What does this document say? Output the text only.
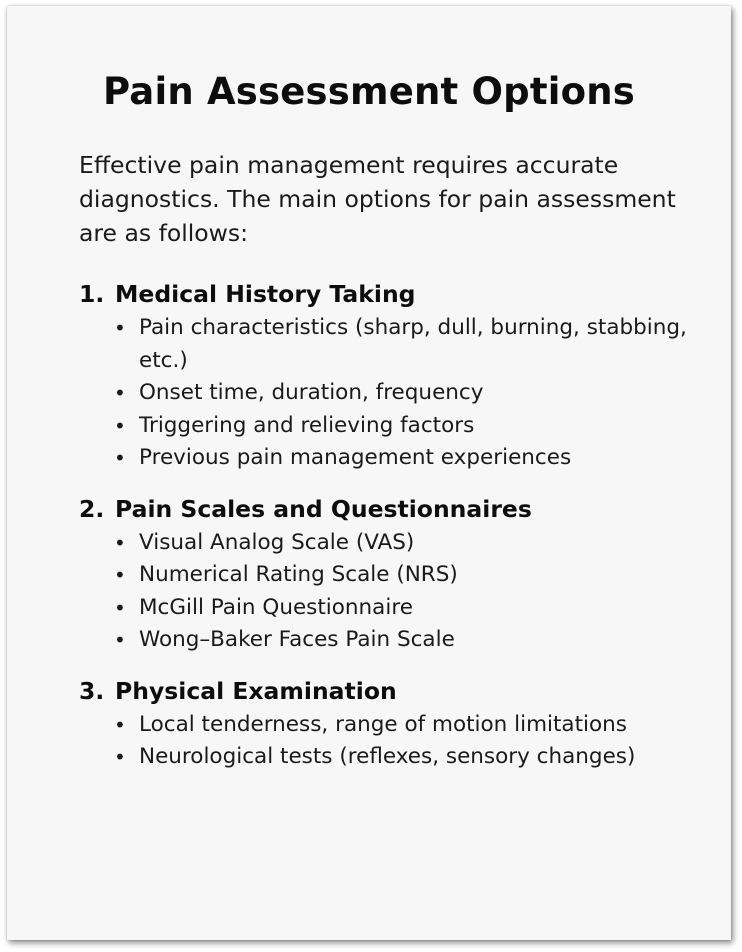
Pain Assessment Options

Effective pain management requires accurate diagnostics. The main options for pain assessment are as follows:

1. Medical History Taking
• Pain characteristics (sharp, dull, burning, stabbing, etc.)
• Onset time, duration, frequency
• Triggering and relieving factors
• Previous pain management experiences
2. Pain Scales and Questionnaires
• Visual Analog Scale (VAS)
• Numerical Rating Scale (NRS)
• McGill Pain Questionnaire
• Wong–Baker Faces Pain Scale
3. Physical Examination
• Local tenderness, range of motion limitations
• Neurological tests (reflexes, sensory changes)
